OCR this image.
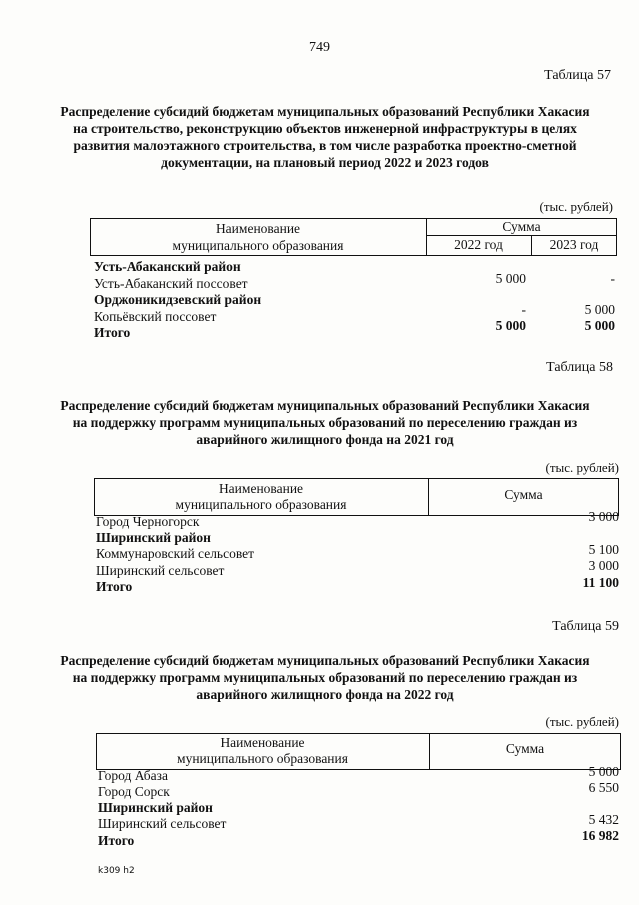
749
Таблица 57
Распределение субсидий бюджетам муниципальных образований Республики Хакасия на строительство, реконструкцию объектов инженерной инфраструктуры в целях развития малоэтажного строительства, в том числе разработка проектно-сметной документации, на плановый период 2022 и 2023 годов
(тыс. рублей)
Наименование
муниципального образования
Сумма
2022 год	2023 год
Усть-Абаканский район
Усть-Абаканский поссовет	5 000	-
Орджоникидзевский район
Копьёвский поссовет	-	5 000
Итого	5 000	5 000
Таблица 58
Распределение субсидий бюджетам муниципальных образований Республики Хакасия на поддержку программ муниципальных образований по переселению граждан из аварийного жилищного фонда на 2021 год
(тыс. рублей)
Наименование
муниципального образования
Сумма
Город Черногорск	3 000
Ширинский район
Коммунаровский сельсовет	5 100
Ширинский сельсовет	3 000
Итого	11 100
Таблица 59
Распределение субсидий бюджетам муниципальных образований Республики Хакасия на поддержку программ муниципальных образований по переселению граждан из аварийного жилищного фонда на 2022 год
(тыс. рублей)
Наименование
муниципального образования
Сумма
Город Абаза	5 000
Город Сорск	6 550
Ширинский район
Ширинский сельсовет	5 432
Итого	16 982
k309 h2
